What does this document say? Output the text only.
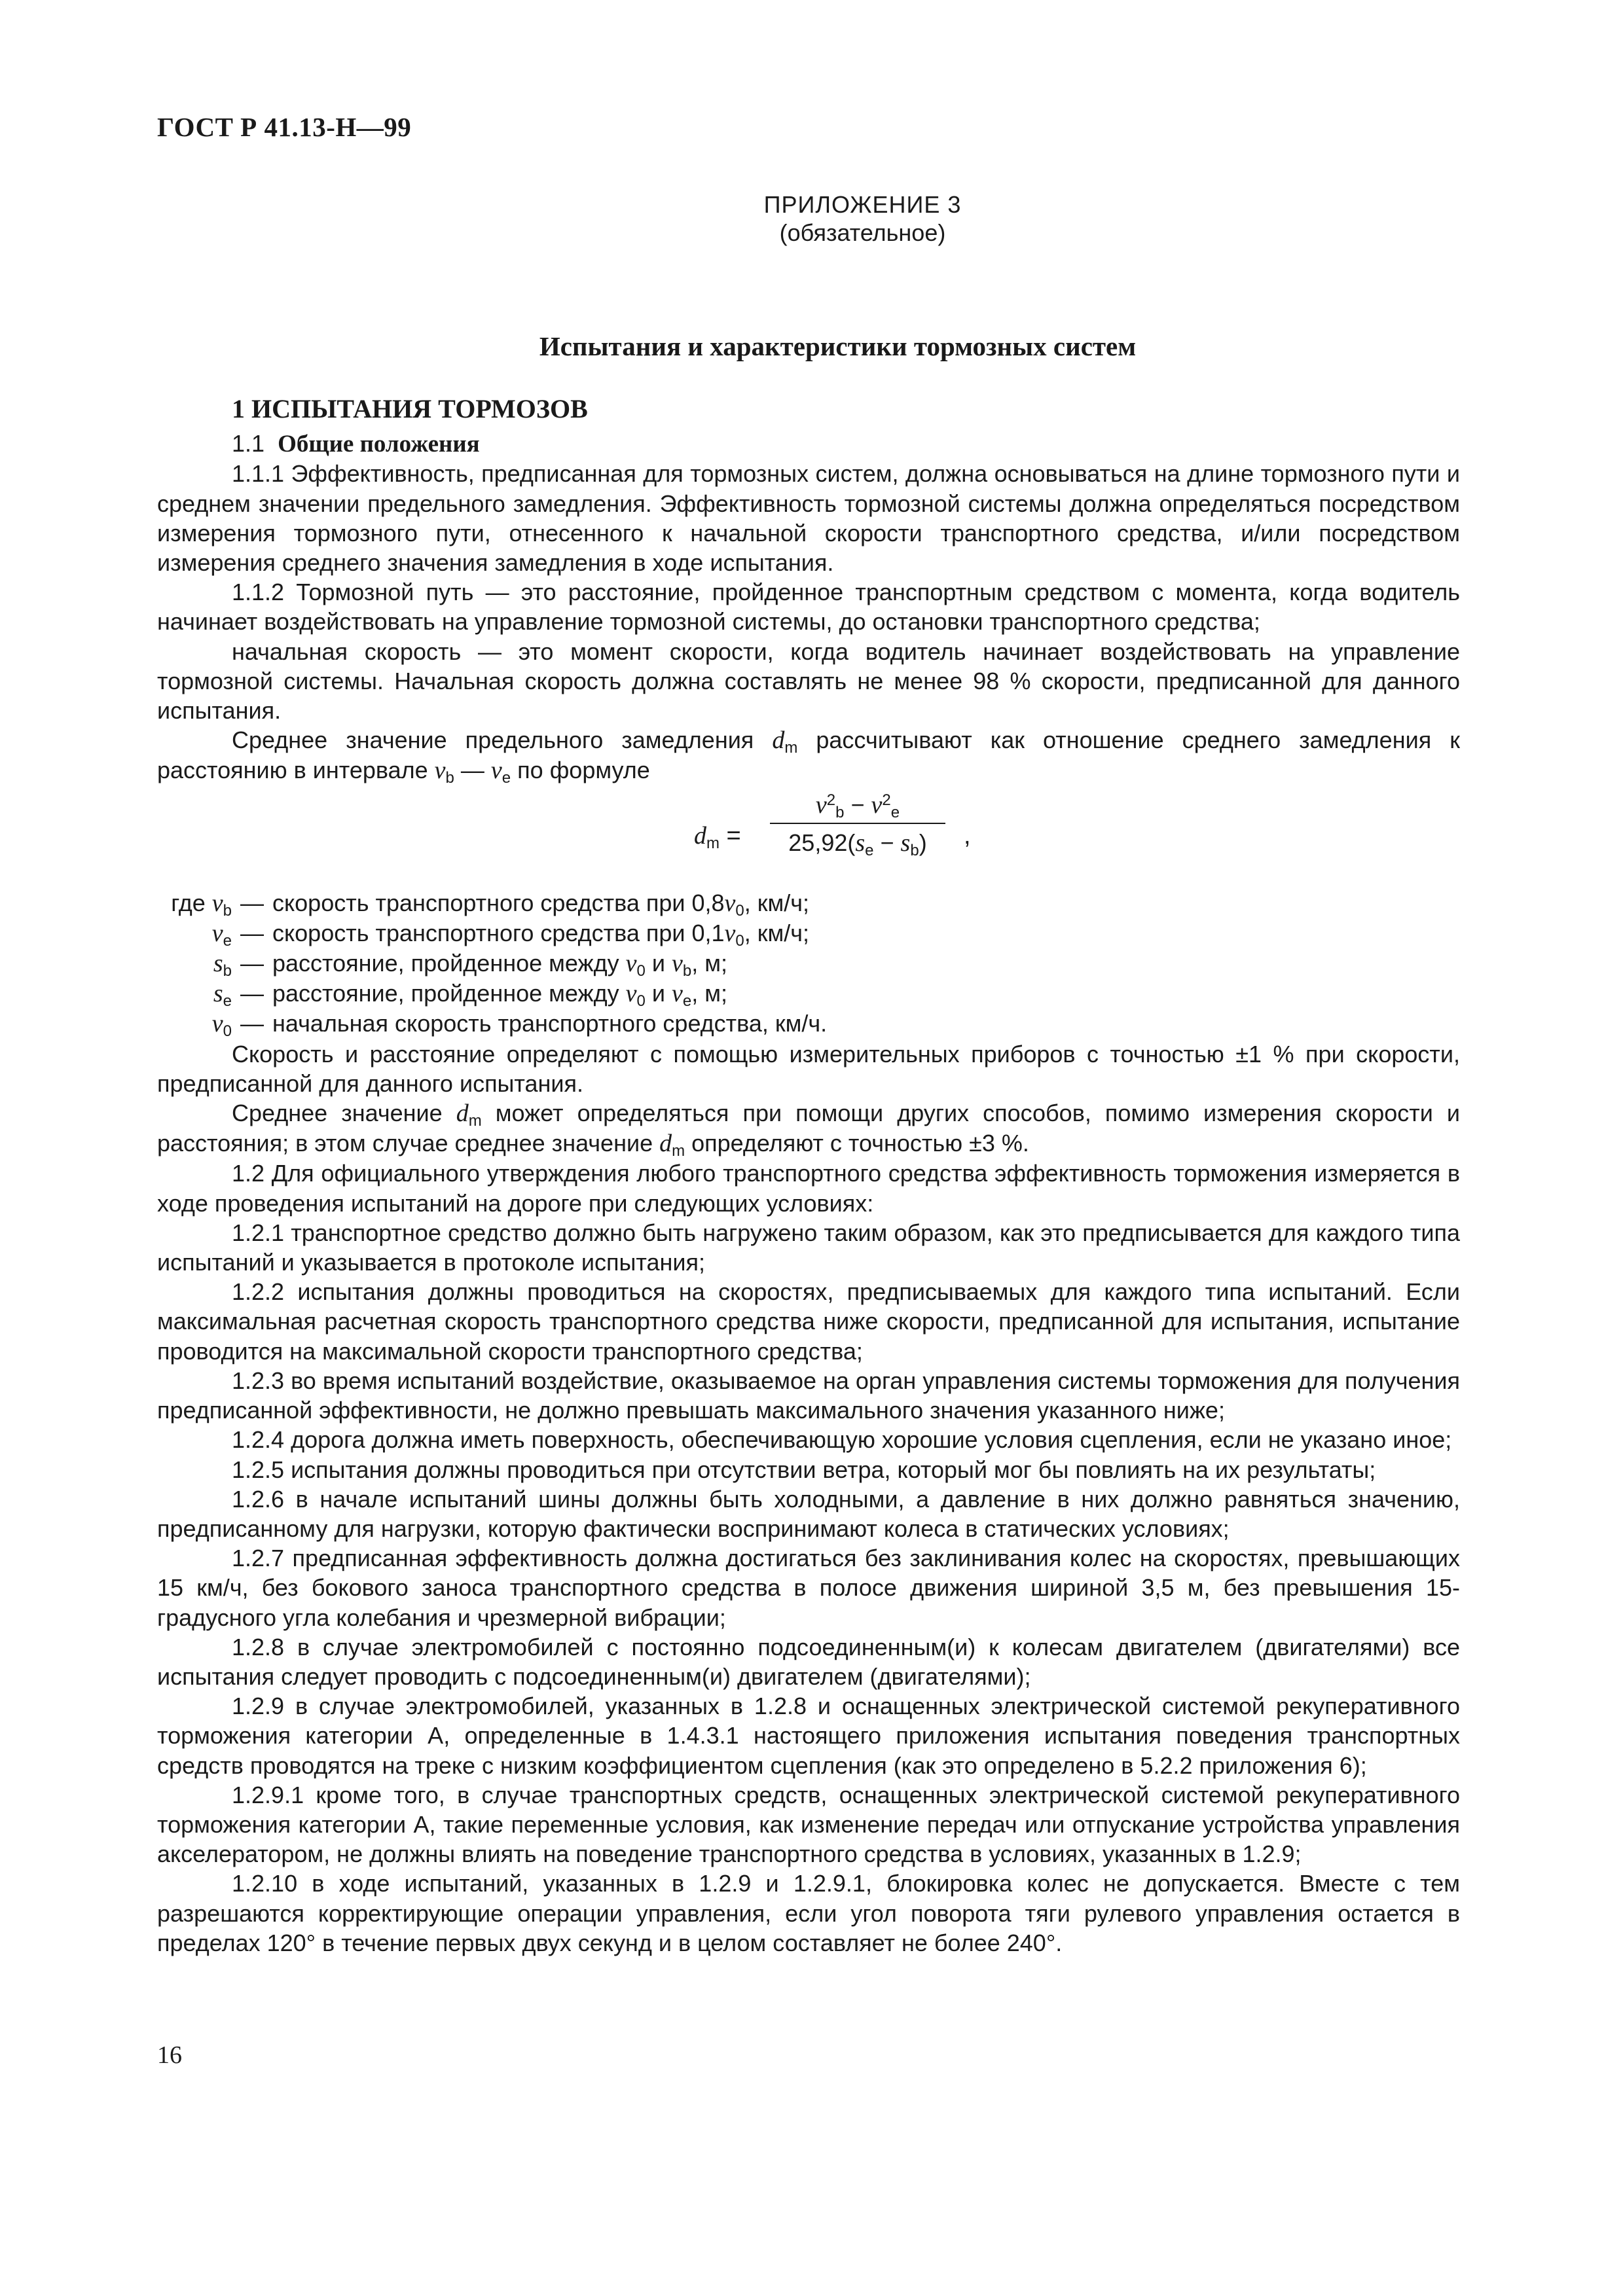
ГОСТ Р 41.13-Н—99
ПРИЛОЖЕНИЕ 3
(обязательное)
Испытания и характеристики тормозных систем
1 ИСПЫТАНИЯ ТОРМОЗОВ

1.1 Общие положения

1.1.1 Эффективность, предписанная для тормозных систем, должна основываться на длине тормозного пути и среднем значении предельного замедления. Эффективность тормозной системы должна определяться посредством измерения тормозного пути, отнесенного к начальной скорости транспортного средства, и/или посредством измерения среднего значения замедления в ходе испытания.

1.1.2 Тормозной путь — это расстояние, пройденное транспортным средством с момента, когда водитель начинает воздействовать на управление тормозной системы, до остановки транспортного средства;

начальная скорость — это момент скорости, когда водитель начинает воздействовать на управление тормозной системы. Начальная скорость должна составлять не менее 98 % скорости, предписанной для данного испытания.

Среднее значение предельного замедления $d_m$ рассчитывают как отношение среднего замедления к расстоянию в интервале $v_b$ — $v_e$ по формуле

$d_m$ =
$v^2_b - v^2_e$
$25,92(s_e - s_b)$	,
где $v_b$ — скорость транспортного средства при $0,8v_0$, км/ч;
$v_e$ — скорость транспортного средства при $0,1v_0$, км/ч;
$s_b$ — расстояние, пройденное между $v_0$ и $v_b$, м;
$s_e$ — расстояние, пройденное между $v_0$ и $v_e$, м;
$v_0$ — начальная скорость транспортного средства, км/ч.

Скорость и расстояние определяют с помощью измерительных приборов с точностью ±1 % при скорости, предписанной для данного испытания.

Среднее значение $d_m$ может определяться при помощи других способов, помимо измерения скорости и расстояния; в этом случае среднее значение $d_m$ определяют с точностью ±3 %.

1.2 Для официального утверждения любого транспортного средства эффективность торможения измеряется в ходе проведения испытаний на дороге при следующих условиях:

1.2.1 транспортное средство должно быть нагружено таким образом, как это предписывается для каждого типа испытаний и указывается в протоколе испытания;

1.2.2 испытания должны проводиться на скоростях, предписываемых для каждого типа испытаний. Если максимальная расчетная скорость транспортного средства ниже скорости, предписанной для испытания, испытание проводится на максимальной скорости транспортного средства;

1.2.3 во время испытаний воздействие, оказываемое на орган управления системы торможения для получения предписанной эффективности, не должно превышать максимального значения указанного ниже;

1.2.4 дорога должна иметь поверхность, обеспечивающую хорошие условия сцепления, если не указано иное;

1.2.5 испытания должны проводиться при отсутствии ветра, который мог бы повлиять на их результаты;

1.2.6 в начале испытаний шины должны быть холодными, а давление в них должно равняться значению, предписанному для нагрузки, которую фактически воспринимают колеса в статических условиях;

1.2.7 предписанная эффективность должна достигаться без заклинивания колес на скоростях, превышающих 15 км/ч, без бокового заноса транспортного средства в полосе движения шириной 3,5 м, без превышения 15-градусного угла колебания и чрезмерной вибрации;

1.2.8 в случае электромобилей с постоянно подсоединенным(и) к колесам двигателем (двигателями) все испытания следует проводить с подсоединенным(и) двигателем (двигателями);

1.2.9 в случае электромобилей, указанных в 1.2.8 и оснащенных электрической системой рекуперативного торможения категории А, определенные в 1.4.3.1 настоящего приложения испытания поведения транспортных средств проводятся на треке с низким коэффициентом сцепления (как это определено в 5.2.2 приложения 6);

1.2.9.1 кроме того, в случае транспортных средств, оснащенных электрической системой рекуперативного торможения категории А, такие переменные условия, как изменение передач или отпускание устройства управления акселератором, не должны влиять на поведение транспортного средства в условиях, указанных в 1.2.9;

1.2.10 в ходе испытаний, указанных в 1.2.9 и 1.2.9.1, блокировка колес не допускается. Вместе с тем разрешаются корректирующие операции управления, если угол поворота тяги рулевого управления остается в пределах 120° в течение первых двух секунд и в целом составляет не более 240°.

16
